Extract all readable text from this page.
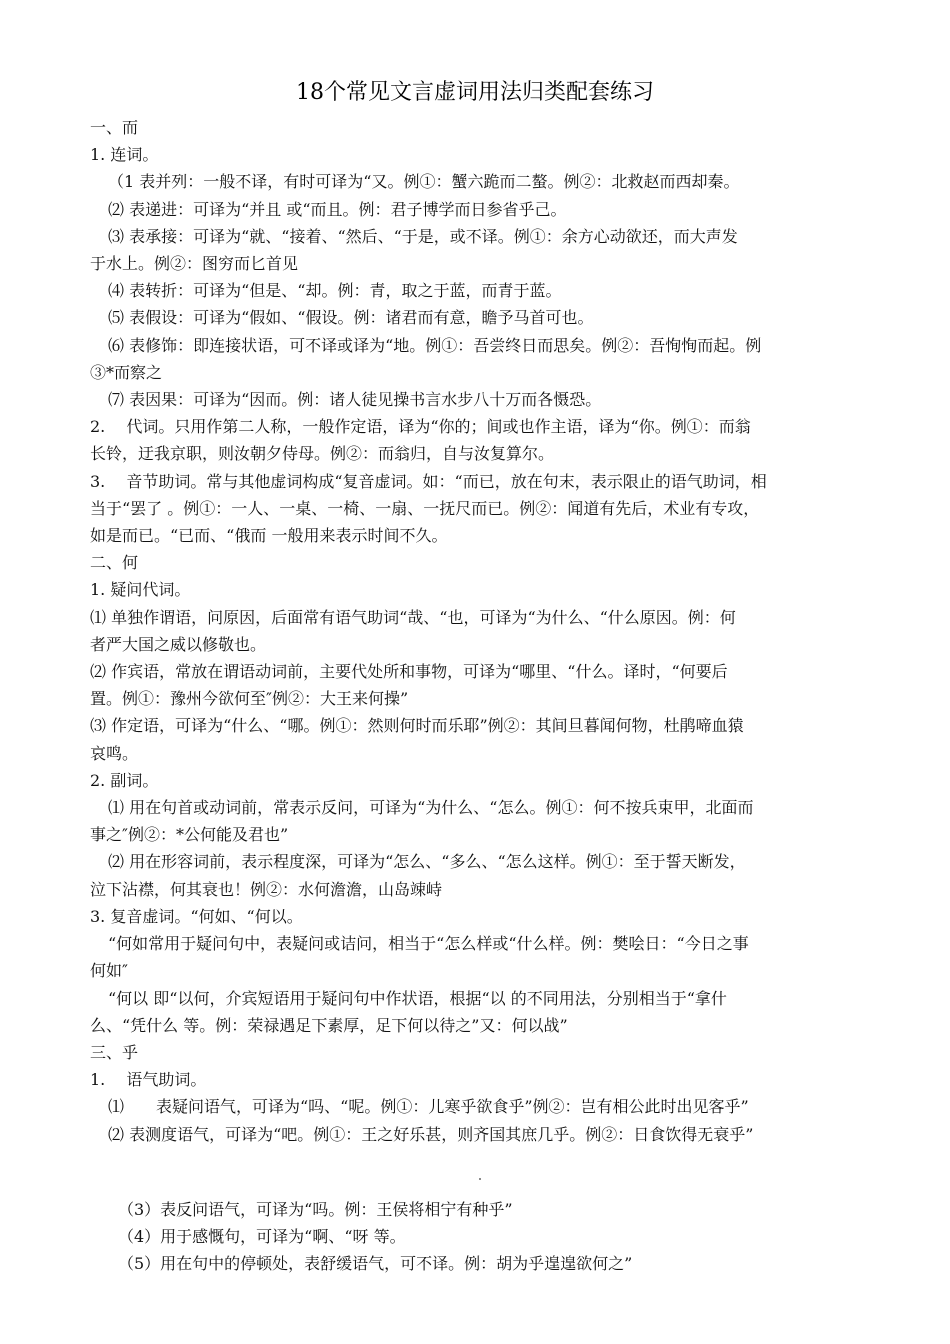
18个常见文言虚词用法归类配套练习

一、而

1. 连词。

（1 表并列：一般不译，有时可译为“又。例①：蟹六跪而二螯。例②：北救赵而西却秦。

⑵ 表递进：可译为“并且 或“而且。例：君子博学而日参省乎己。

⑶ 表承接：可译为“就、“接着、“然后、“于是，或不译。例①：余方心动欲还，而大声发

于水上。例②：图穷而匕首见

⑷ 表转折：可译为“但是、“却。例：青，取之于蓝，而青于蓝。

⑸ 表假设：可译为“假如、“假设。例：诸君而有意，瞻予马首可也。

⑹ 表修饰：即连接状语，可不译或译为“地。例①：吾尝终日而思矣。例②：吾恂恂而起。例

③*而察之

⑺ 表因果：可译为“因而。例：诸人徒见操书言水步八十万而各慑恐。

2.　 代词。只用作第二人称，一般作定语，译为“你的；间或也作主语，译为“你。例①：而翁

长铃，迂我京职，则汝朝夕侍母。例②：而翁归，自与汝复算尔。

3.　 音节助词。常与其他虚词构成“复音虚词。如：“而已，放在句末，表示限止的语气助词，相

当于“罢了 。例①：一人、一桌、一椅、一扇、一抚尺而已。例②：闻道有先后，术业有专攻，

如是而已。“已而、“俄而 一般用来表示时间不久。

二、何

1. 疑问代词。

⑴ 单独作谓语，问原因，后面常有语气助词“哉、“也，可译为“为什么、“什么原因。例：何

者严大国之威以修敬也。

⑵ 作宾语，常放在谓语动词前，主要代处所和事物，可译为“哪里、“什么。译时，“何要后

置。例①：豫州今欲何至″例②：大王来何操”

⑶ 作定语，可译为“什么、“哪。例①：然则何时而乐耶”例②：其间旦暮闻何物，杜鹃啼血猿

哀鸣。

2. 副词。

⑴ 用在句首或动词前，常表示反问，可译为“为什么、“怎么。例①：何不按兵束甲，北面而

事之″例②：*公何能及君也”

⑵ 用在形容词前，表示程度深，可译为“怎么、“多么、“怎么这样。例①：至于誓天断发，

泣下沾襟，何其衰也！例②：水何澹澹，山岛竦峙

3. 复音虚词。“何如、“何以。

“何如常用于疑问句中，表疑问或诘问，相当于“怎么样或“什么样。例：樊哙日：“今日之事

何如″

“何以 即“以何，介宾短语用于疑问句中作状语，根据“以 的不同用法，分别相当于“拿什

么、“凭什么 等。例：荣禄遇足下素厚，足下何以待之”又：何以战”

三、乎

1.　 语气助词。

⑴　　表疑问语气，可译为“吗、“呢。例①：儿寒乎欲食乎”例②：岂有相公此时出见客乎”

⑵ 表测度语气，可译为“吧。例①：王之好乐甚，则齐国其庶几乎。例②：日食饮得无衰乎”

（3）表反问语气，可译为“吗。例：王侯将相宁有种乎”

（4）用于感慨句，可译为“啊、“呀 等。

（5）用在句中的停顿处，表舒缓语气，可不译。例：胡为乎遑遑欲何之”
